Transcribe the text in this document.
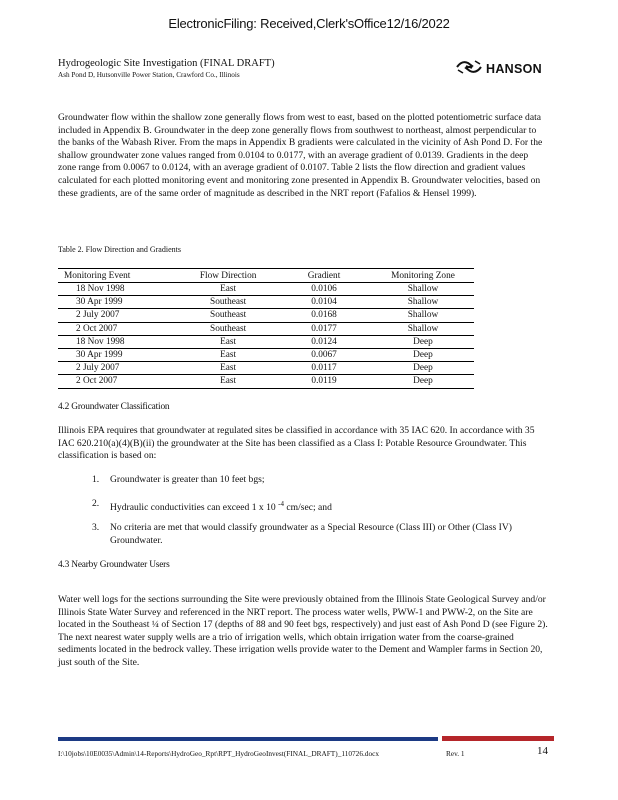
ElectronicFiling: Received,Clerk'sOffice12/16/2022
Hydrogeologic Site Investigation (FINAL DRAFT)
Ash Pond D, Hutsonville Power Station, Crawford Co., Illinois	HANSON
Groundwater flow within the shallow zone generally flows from west to east, based on the plotted potentiometric surface data included in Appendix B. Groundwater in the deep zone generally flows from southwest to northeast, almost perpendicular to the banks of the Wabash River. From the maps in Appendix B gradients were calculated in the vicinity of Ash Pond D. For the shallow groundwater zone values ranged from 0.0104 to 0.0177, with an average gradient of 0.0139. Gradients in the deep zone range from 0.0067 to 0.0124, with an average gradient of 0.0107. Table 2 lists the flow direction and gradient values calculated for each plotted monitoring event and monitoring zone presented in Appendix B. Groundwater velocities, based on these gradients, are of the same order of magnitude as described in the NRT report (Fafalios & Hensel 1999).
Table 2. Flow Direction and Gradients
Monitoring Event	Flow Direction	Gradient	Monitoring Zone
18 Nov 1998	East	0.0106	Shallow
30 Apr 1999	Southeast	0.0104	Shallow
2 July 2007	Southeast	0.0168	Shallow
2 Oct 2007	Southeast	0.0177	Shallow
18 Nov 1998	East	0.0124	Deep
30 Apr 1999	East	0.0067	Deep
2 July 2007	East	0.0117	Deep
2 Oct 2007	East	0.0119	Deep
4.2 Groundwater Classification
Illinois EPA requires that groundwater at regulated sites be classified in accordance with 35 IAC 620. In accordance with 35 IAC 620.210(a)(4)(B)(ii) the groundwater at the Site has been classified as a Class I: Potable Resource Groundwater. This classification is based on:
1. Groundwater is greater than 10 feet bgs;
2. Hydraulic conductivities can exceed 1 x 10 $^{-4}$ cm/sec; and
3. No criteria are met that would classify groundwater as a Special Resource (Class III) or Other (Class IV) Groundwater.
4.3 Nearby Groundwater Users
Water well logs for the sections surrounding the Site were previously obtained from the Illinois State Geological Survey and/or Illinois State Water Survey and referenced in the NRT report. The process water wells, PWW-1 and PWW-2, on the Site are located in the Southeast ¼ of Section 17 (depths of 88 and 90 feet bgs, respectively) and just east of Ash Pond D (see Figure 2). The next nearest water supply wells are a trio of irrigation wells, which obtain irrigation water from the coarse-grained sediments located in the bedrock valley. These irrigation wells provide water to the Dement and Wampler farms in Section 20, just south of the Site.
I:\10jobs\10E0035\Admin\14-Reports\HydroGeo_Rpt\RPT_HydroGeoInvest(FINAL_DRAFT)_110726.docx	Rev. 1	14
